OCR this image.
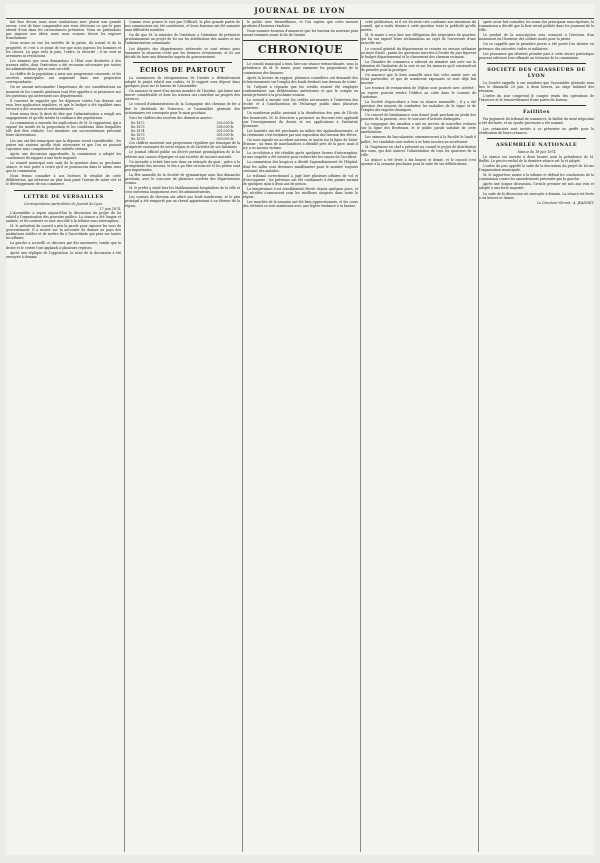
JOURNAL DE LYON

fait leur devoir, mais nous combattons avec plaisir une grande erreur, c'est de faire comprendre aux vrais électeurs ce que le pays attend d'eux dans les circonstances présentes. Nous ne prétendons pas imposer nos idées, mais nous croyons devoir les exposer franchement.

Nous avons en vue les intérêts de la patrie, du travail et de la propriété, et c'est à ce point de vue que nous jugeons les hommes et les choses. Le pays veut la paix, l'ordre, la sécurité ; il ne veut ni aventures ni révolutions.

Les sommes que nous demandons à l'État sont destinées à des travaux utiles, dont l'exécution a été reconnue nécessaire par toutes les administrations qui se sont succédé.

Le chiffre de la population a suivi une progression constante, et les recettes municipales ont augmenté dans une proportion correspondante.

On ne saurait méconnaître l'importance de ces considérations au moment où les conseils généraux vont être appelés à se prononcer sur les questions qui intéressent nos départements.

Il convient de rappeler que les dépenses votées l'an dernier ont reçu leur application régulière, et que le budget a été équilibré sans recourir à des ressources extraordinaires.

Nous avons donc le droit de dire que l'administration a rempli ses engagements et qu'elle mérite la confiance des populations.

La commission a entendu les explications de M. le rapporteur, qui a exposé les motifs de la proposition et les conditions dans lesquelles elle doit être réalisée. Les membres ont successivement présenté leurs observations.

Les uns ont fait remarquer que la dépense serait considérable ; les autres ont soutenu qu'elle était nécessaire et que l'on ne pouvait l'ajourner sans compromettre des intérêts sérieux.

Après une discussion approfondie, la commission a adopté les conclusions du rapport à une forte majorité.

Le conseil municipal sera saisi de la question dans sa prochaine séance, et tout porte à croire qu'il se prononcera dans le même sens que la commission.

Nous ferons connaître à nos lecteurs le résultat de cette délibération, qui intéresse au plus haut point l'avenir de notre cité et le développement de son commerce.

LETTRE DE VERSAILLES
Correspondance particulière du Journal de Lyon.
17 juin 1874.

L'Assemblée a repris aujourd'hui la discussion du projet de loi relatif à l'organisation des pouvoirs publics. La séance a été longue et animée, et les orateurs se sont succédé à la tribune sans interruption.

M. le président du conseil a pris la parole pour exposer les vues du gouvernement. Il a insisté sur la nécessité de donner au pays des institutions stables et de mettre fin à l'incertitude qui pèse sur toutes les affaires.

La gauche a accueilli ce discours par des murmures, tandis que la droite et le centre l'ont applaudi à plusieurs reprises.

Après une réplique de l'opposition, la suite de la discussion a été renvoyée à demain.

Comme vous pouvez le voir par l'Officiel, la plus grande partie de nos commissions ont été constituées, et leurs bureaux ont été nommés sans difficultés notables.

On dit que M. le ministre de l'intérieur a l'intention de présenter prochainement un projet de loi sur les attributions des maires et sur l'administration communale.

Les députés des départements intéressés se sont réunis pour examiner la situation créée par les derniers événements, et ils ont décidé de faire une démarche auprès du gouvernement.

ÉCHOS DE PARTOUT

La commission de réorganisation de l'armée a définitivement adopté le projet relatif aux cadres, et le rapport sera déposé dans quelques jours sur le bureau de l'Assemblée.

On annonce la mort d'un ancien membre de l'Institut, qui laisse une œuvre considérable et dont les travaux ont contribué au progrès des sciences.

Le conseil d'administration de la Compagnie des chemins de fer a fixé le dividende de l'exercice, et l'assemblée générale des actionnaires est convoquée pour le mois prochain.

Voici les chiffres des recettes des dernières années :

En 1872	293,000 fr.
En 1873	298,000 fr.
En 1874	301,000 fr.
En 1875	305,000 fr.
En 1876	309,000 fr.

Ces chiffres montrent une progression régulière qui témoigne de la prospérité croissante de notre région et de l'activité de ses habitants.

Le Journal officiel publie un décret portant promulgation de la loi relative aux caisses d'épargne et aux sociétés de secours mutuels.

Un incendie a éclaté hier soir dans un entrepôt du quai ; grâce à la promptitude des secours, le feu a pu être circonscrit et les pertes sont peu importantes.

La fête annuelle de la Société de gymnastique aura lieu dimanche prochain, avec le concours de plusieurs sociétés des départements voisins.

M. le préfet a visité hier les établissements hospitaliers de la ville et s'est entretenu longuement avec les administrateurs.

Les courses de chevaux ont attiré une foule nombreuse, et le prix principal a été remporté par un cheval appartenant à un éleveur de la région.

le public avec bienveillance, et l'on espère que cette mesure produira d'heureux résultats.

Nous sommes heureux d'annoncer que les travaux du nouveau pont seront terminés avant la fin de l'année.

CHRONIQUE

Le conseil municipal a tenu hier une séance extraordinaire, sous la présidence de M. le maire, pour examiner les propositions de la commission des finances.

Après la lecture du rapport, plusieurs conseillers ont demandé des éclaircissements sur l'emploi des fonds destinés aux travaux de voirie.

M. l'adjoint a répondu que les crédits avaient été employés conformément aux délibérations antérieures et que le compte en serait présenté à la prochaine session.

Le conseil a ensuite voté les crédits nécessaires à l'entretien des écoles et à l'amélioration de l'éclairage public dans plusieurs quartiers.

Un nombreux public assistait à la distribution des prix de l'École des beaux-arts. M. le directeur a prononcé un discours très applaudi sur l'enseignement du dessin et ses applications à l'industrie lyonnaise.

Les lauréats ont été proclamés au milieu des applaudissements, et la cérémonie s'est terminée par une exposition des travaux des élèves.

On nous signale un accident survenu ce matin sur la ligne de Saint-Étienne ; un train de marchandises a déraillé près de la gare, mais il n'y a eu aucune victime.

La circulation a été rétablie après quelques heures d'interruption, et une enquête a été ouverte pour rechercher les causes de l'accident.

La commission des hospices a décidé l'agrandissement de l'hôpital, dont les salles sont devenues insuffisantes pour le nombre toujours croissant des malades.

Le tribunal correctionnel a jugé hier plusieurs affaires de vol et d'escroquerie ; les prévenus ont été condamnés à des peines variant de quelques mois à deux ans de prison.

La température s'est sensiblement élevée depuis quelques jours, et les récoltes s'annoncent sous les meilleurs auspices dans toute la région.

Les marchés de la semaine ont été bien approvisionnés, et les cours des céréales se sont maintenus avec une légère tendance à la hausse.

cette publication, et il est du reste très conforme aux intentions du conseil, qui a voulu donner à cette question toute la publicité qu'elle mérite.

M. le maire a reçu hier une délégation des négociants du quartier, qui lui ont exposé leurs réclamations au sujet de l'ouverture d'une nouvelle rue.

Le conseil général du département se réunira en session ordinaire au mois d'août ; parmi les questions inscrites à l'ordre du jour figurent le budget départemental et le classement des chemins vicinaux.

La Chambre de commerce a adressé au ministre une note sur la situation de l'industrie de la soie et sur les mesures qu'il conviendrait de prendre pour la protéger.

On annonce que la foire annuelle aura lieu cette année avec un éclat particulier, et que de nombreux exposants se sont déjà fait inscrire.

Les travaux de restauration de l'église sont poussés avec activité ; on espère pouvoir rendre l'édifice au culte dans le courant de l'automne.

La Société d'agriculture a tenu sa séance mensuelle ; il y a été question des moyens de combattre les maladies de la vigne et de l'emploi des engrais chimiques.

Un concert de bienfaisance sera donné jeudi prochain au profit des pauvres de la paroisse, avec le concours d'artistes distingués.

La compagnie des omnibus a mis en service de nouvelles voitures sur la ligne des Brotteaux, et le public paraît satisfait de cette amélioration.

Les examens du baccalauréat commenceront à la Faculté le lundi 6 juillet ; les candidats sont invités à se faire inscrire au secrétariat.

M. l'ingénieur en chef a présenté au conseil le projet de distribution des eaux, qui doit assurer l'alimentation de tous les quartiers de la ville.

La séance a été levée à dix heures et demie, et le conseil s'est ajourné à la semaine prochaine pour la suite de ses délibérations.

après avoir fait connaître les noms des principaux souscripteurs, la commission a décidé que la liste serait publiée dans les journaux de la ville.

Le produit de la souscription sera consacré à l'érection d'un monument en l'honneur des soldats morts pour la patrie.

On se rappelle que la première pierre a été posée l'an dernier en présence des autorités civiles et militaires.

Les personnes qui désirent prendre part à cette œuvre patriotique peuvent adresser leur offrande au trésorier de la commission.

SOCIÉTÉ DES CHASSEURS DE LYON

La Société rappelle à ses membres que l'assemblée générale aura lieu le dimanche 28 juin, à deux heures, au siège habituel des réunions.

L'ordre du jour comprend le compte rendu des opérations de l'exercice et le renouvellement d'une partie du bureau.

Faillites

Par jugement du tribunal de commerce, la faillite du sieur négociant a été déclarée, et un syndic provisoire a été nommé.

Les créanciers sont invités à se présenter au greffe pour la vérification de leurs créances.

ASSEMBLÉE NATIONALE
Séance du 18 juin 1874

La séance est ouverte à deux heures sous la présidence de M. Buffet. Le procès-verbal de la dernière séance est lu et adopté.

L'ordre du jour appelle la suite de la discussion du projet de loi sur l'organisation municipale.

M. le rapporteur monte à la tribune et défend les conclusions de la commission contre les amendements présentés par la gauche.

Après une longue discussion, l'article premier est mis aux voix et adopté à une forte majorité.

La suite de la discussion est renvoyée à demain. La séance est levée à six heures et demie.

Le Directeur-Gérant : A. JEANNET.
